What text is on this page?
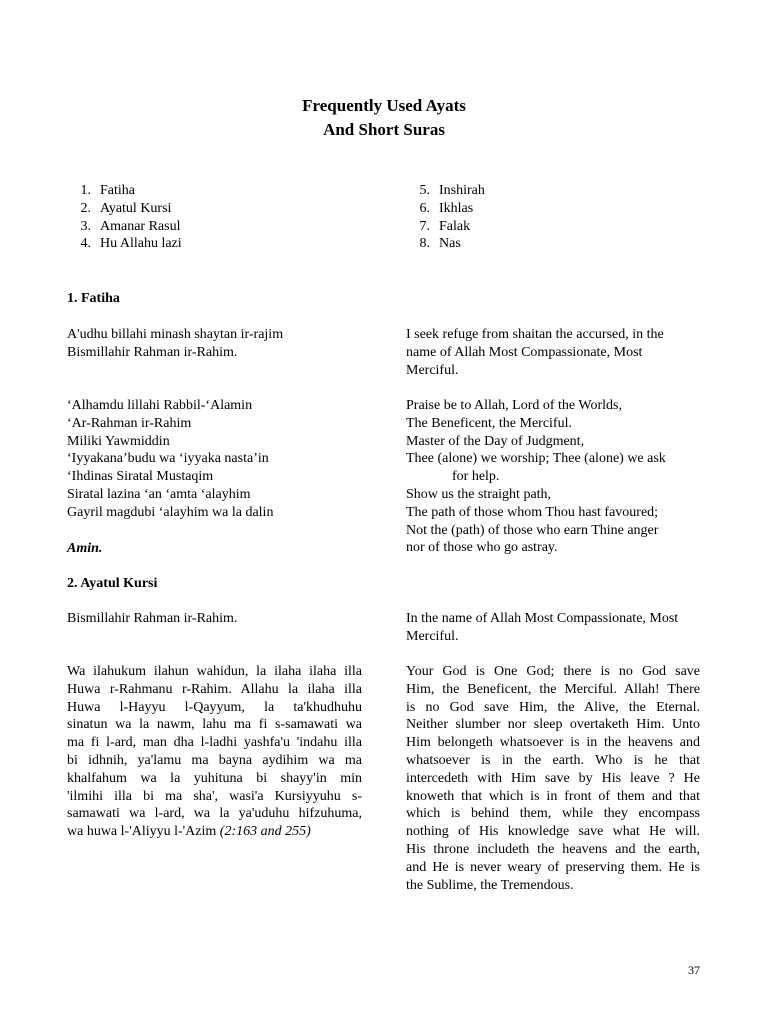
Frequently Used Ayats
And Short Suras
1. Fatiha
2. Ayatul Kursi
3. Amanar Rasul
4. Hu Allahu lazi
5. Inshirah
6. Ikhlas
7. Falak
8. Nas
1. Fatiha
A'udhu billahi minash shaytan ir-rajim
Bismillahir Rahman ir-Rahim.
I seek refuge from shaitan the accursed, in the
name of Allah Most Compassionate, Most
Merciful.
‘Alhamdu lillahi Rabbil-‘Alamin
‘Ar-Rahman ir-Rahim
Miliki Yawmiddin
‘Iyyakana’budu wa ‘iyyaka nasta’in
‘Ihdinas Siratal Mustaqim
Siratal lazina ‘an ‘amta ‘alayhim
Gayril magdubi ‘alayhim wa la dalin
Praise be to Allah, Lord of the Worlds,
The Beneficent, the Merciful.
Master of the Day of Judgment,
Thee (alone) we worship; Thee (alone) we ask
for help.
Show us the straight path,
The path of those whom Thou hast favoured;
Not the (path) of those who earn Thine anger
nor of those who go astray.
Amin.
2. Ayatul Kursi
Bismillahir Rahman ir-Rahim.	In the name of Allah Most Compassionate, Most
Merciful.
Wa ilahukum ilahun wahidun, la ilaha ilaha illa
Huwa r-Rahmanu r-Rahim. Allahu la ilaha illa
Huwa l-Hayyu l-Qayyum, la ta'khudhuhu
sinatun wa la nawm, lahu ma fi s-samawati wa
ma fi l-ard, man dha l-ladhi yashfa'u 'indahu illa
bi idhnih, ya'lamu ma bayna aydihim wa ma
khalfahum wa la yuhituna bi shayy'in min
'ilmihi illa bi ma sha', wasi'a Kursiyyuhu s-
samawati wa l-ard, wa la ya'uduhu hifzuhuma,
wa huwa l-'Aliyyu l-'Azim (2:163 and 255)
Your God is One God; there is no God save
Him, the Beneficent, the Merciful. Allah! There
is no God save Him, the Alive, the Eternal.
Neither slumber nor sleep overtaketh Him. Unto
Him belongeth whatsoever is in the heavens and
whatsoever is in the earth. Who is he that
intercedeth with Him save by His leave ? He
knoweth that which is in front of them and that
which is behind them, while they encompass
nothing of His knowledge save what He will.
His throne includeth the heavens and the earth,
and He is never weary of preserving them. He is
the Sublime, the Tremendous.
37
